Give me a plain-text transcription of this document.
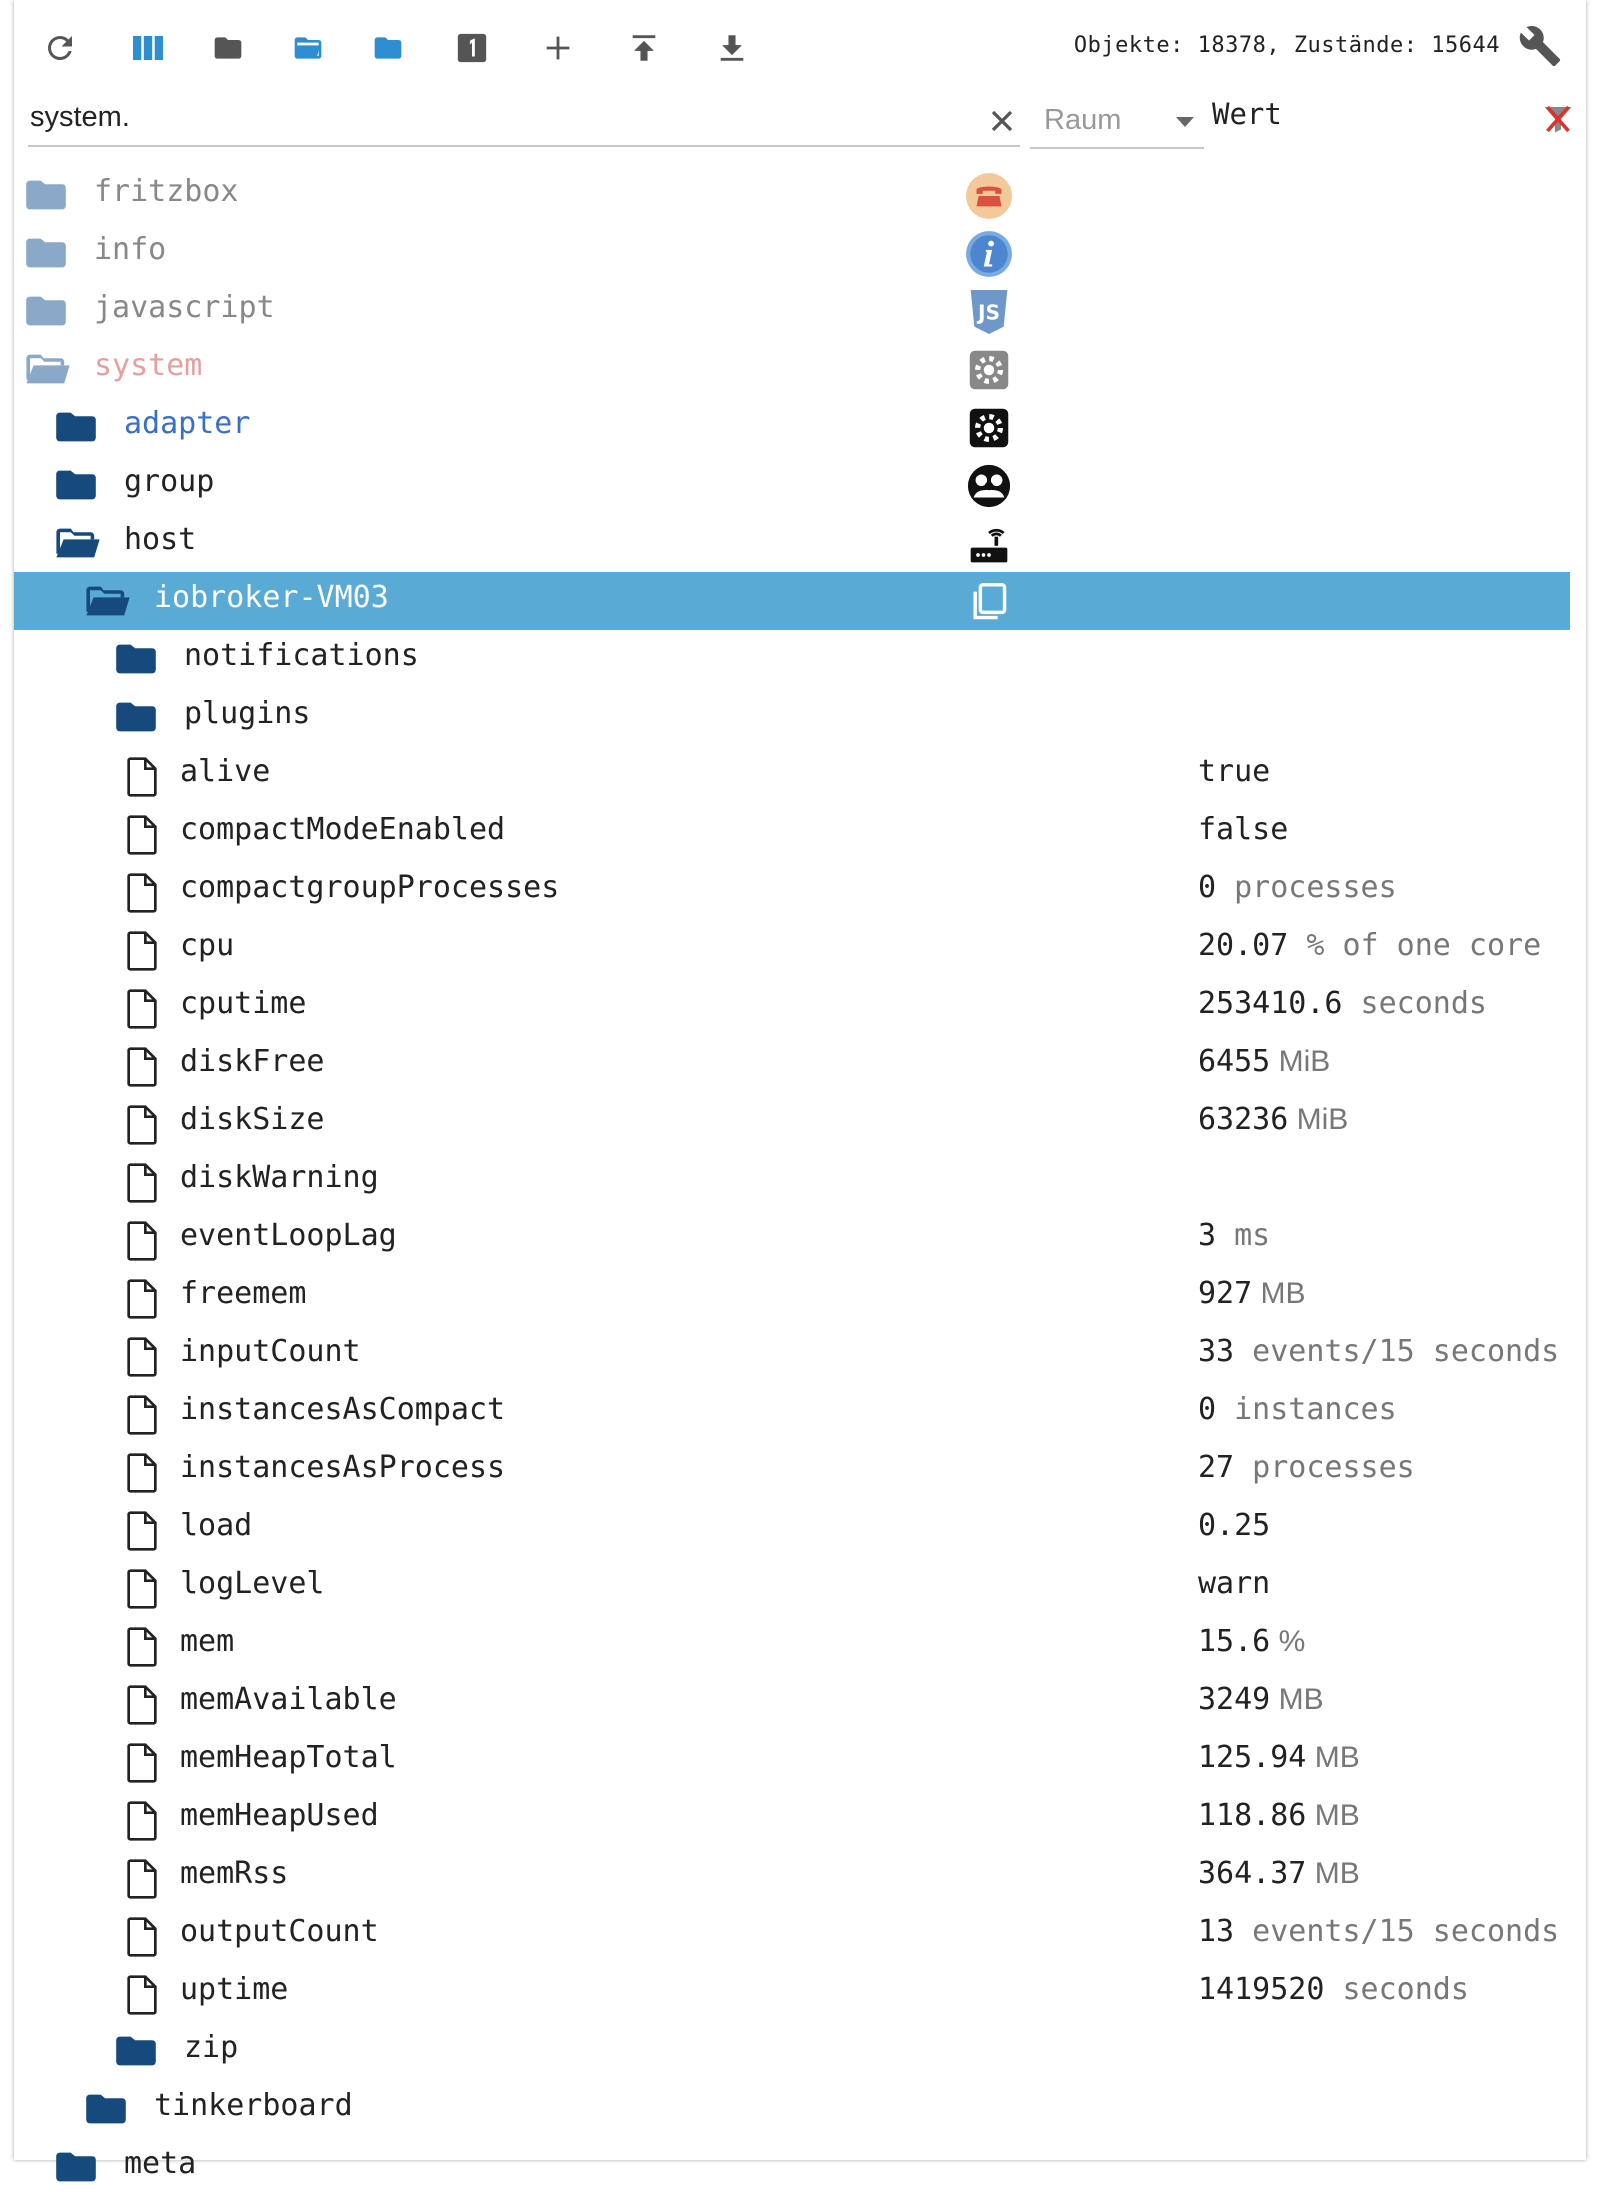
Objekte: 18378, Zustände: 15644
system.	Raum	Wert
fritzbox
info
javascript	JS
system
adapter
group
host
iobroker-VM03
notifications
plugins
alive	true
compactModeEnabled	false
compactgroupProcesses	0 processes
cpu	20.07 % of one core
cputime	253410.6 seconds
diskFree	6455 MiB
diskSize	63236 MiB
diskWarning
eventLoopLag	3 ms
freemem	927 MB
inputCount	33 events/15 seconds
instancesAsCompact	0 instances
instancesAsProcess	27 processes
load	0.25
logLevel	warn
mem	15.6 %
memAvailable	3249 MB
memHeapTotal	125.94 MB
memHeapUsed	118.86 MB
memRss	364.37 MB
outputCount	13 events/15 seconds
uptime	1419520 seconds
zip
tinkerboard
meta
